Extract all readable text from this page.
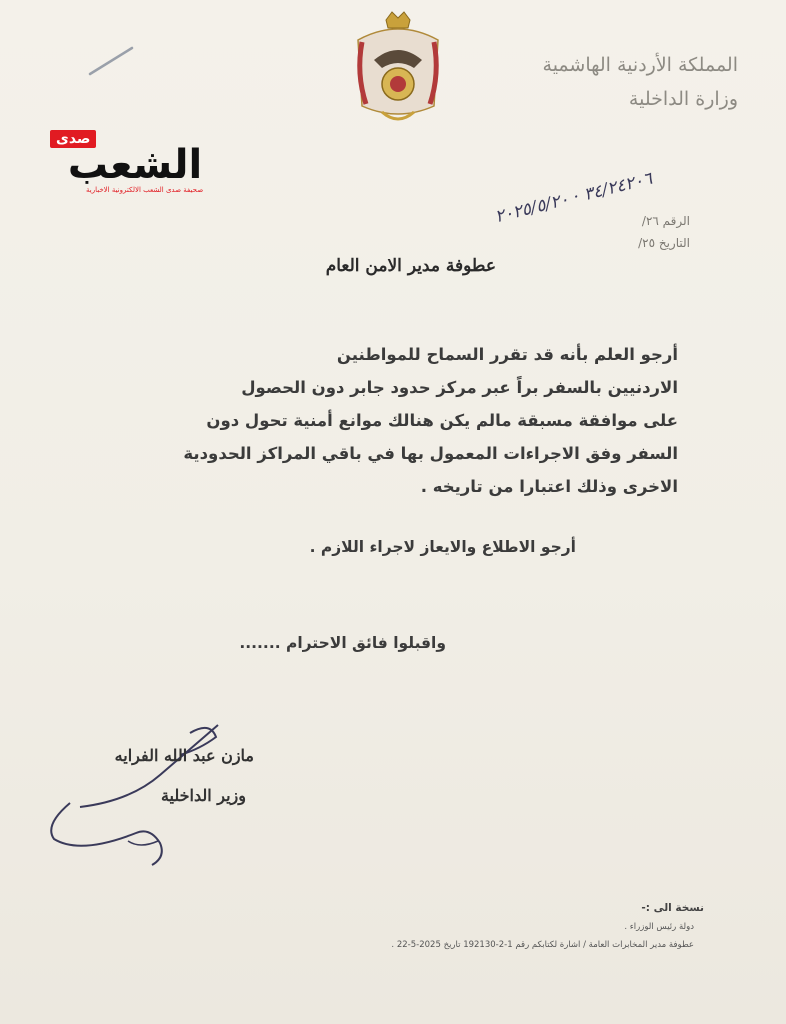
المملكة الأردنية الهاشمية
وزارة الداخلية
صدى
الشعب
صحيفة صدى الشعب الالكترونية الاخبارية
الرقم ٢٦/
التاريخ ٢٥/
٣٤/٢٤٢٠٦ · ٢٠٢٥/٥/٢٠
عطوفة مدير الامن العام
أرجو العلم بأنه قد تقرر السماح للمواطنين
الاردنيين بالسفر براً عبر مركز حدود جابر دون الحصول
على موافقة مسبقة مالم يكن هنالك موانع أمنية تحول دون
السفر وفق الاجراءات المعمول بها في باقي المراكز الحدودية
الاخرى وذلك اعتبارا من تاريخه .
أرجو الاطلاع والايعاز لاجراء اللازم .
واقبلوا فائق الاحترام .......
مازن عبد الله الفرايه
وزير الداخلية
نسخة الى :-
دولة رئيس الوزراء .
عطوفة مدير المخابرات العامة / اشارة لكتابكم رقم 1-2-192130 تاريخ 2025-5-22 .
